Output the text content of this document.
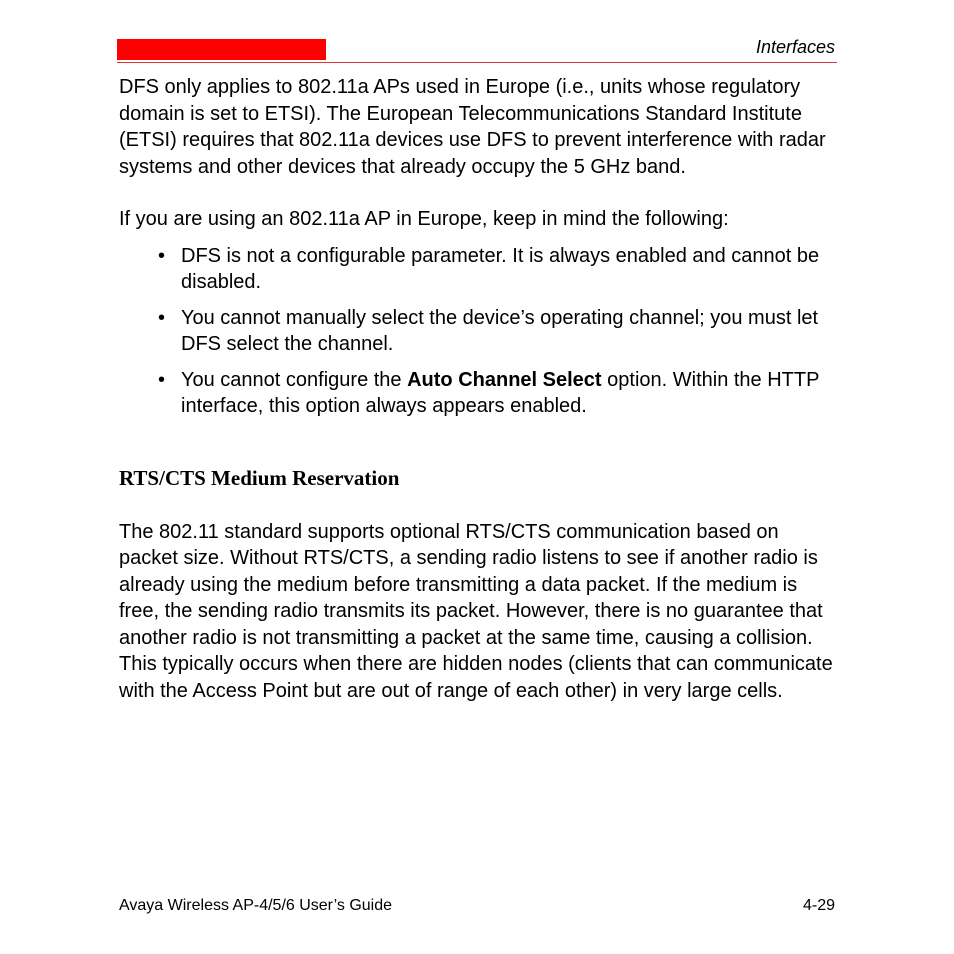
Interfaces

DFS only applies to 802.11a APs used in Europe (i.e., units whose regulatory domain is set to ETSI). The European Telecommunications Standard Institute (ETSI) requires that 802.11a devices use DFS to prevent interference with radar systems and other devices that already occupy the 5 GHz band.

If you are using an 802.11a AP in Europe, keep in mind the following:

• DFS is not a configurable parameter. It is always enabled and cannot be disabled.
• You cannot manually select the device’s operating channel; you must let DFS select the channel.
• You cannot configure the Auto Channel Select option. Within the HTTP interface, this option always appears enabled.

RTS/CTS Medium Reservation

The 802.11 standard supports optional RTS/CTS communication based on packet size. Without RTS/CTS, a sending radio listens to see if another radio is already using the medium before transmitting a data packet. If the medium is free, the sending radio transmits its packet. However, there is no guarantee that another radio is not transmitting a packet at the same time, causing a collision. This typically occurs when there are hidden nodes (clients that can communicate with the Access Point but are out of range of each other) in very large cells.

Avaya Wireless AP-4/5/6 User’s Guide	4-29
